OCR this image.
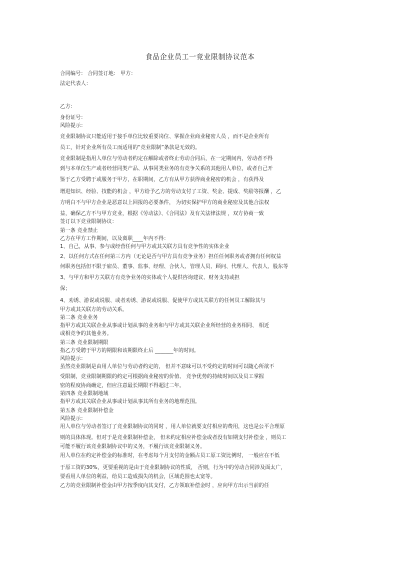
食品企业员工一竞业限制协议范本
合同编号： 合同签订地： 甲方：
法定代表人：
乙方：
身份证号：
风险提示：
竞业限制协议只能适用于接手单位比较重要岗位、掌握企业商业秘密人员 ，而不是企业所有
员工，针对企业所有员工而适用的“竞业限制”条款是无效的。
竞业限制是指用人单位与劳动者约定在解除或者终止劳动合同后，在一定期间内，劳动者不得
到与本单位生产或者经营同类产品、从事同类业务的有竞争关系的其他用人单位，或者自己开
鉴于乙方受聘于或服务于甲方，在职期间，乙方有从甲方获得商业秘密的机会 ，有获得及
增进知识、经验、技能的机会 ，甲方给予乙方的劳动支付了工资、奖金、提成、奖励等报酬 ，乙
方明白不与甲方企业是恶意以上回报的必要条件， 为切实保护甲方的商业秘密及其他合法权
益，确保乙方不与甲方竞业，根据《劳动法》、《合同法》及有关法律法规 ，双方协商一致
签订以下竞业限制协议：
第一条 竞业禁止
乙方在甲方工作期间，以及离职____年内不得：
1、自己，从事、参与或经营任何与甲方或其关联方具有竞争性的实体企业
2、以任何方式在任何第三方内（无论是否与甲方具有竞争业务）担任任何职务或者拥有任何权益
何职务包括但不限于雇员、董事、监事、经理、合伙人、管理人员、顾问、代理人、代表人、股东等
3、与甲方和甲方关联方有竞争业务的实体或个人提供咨询建议、财务支持或担
保；
4、劝诱、游说或说服、或者劝诱、游说或说服、促使甲方或其关联方的任何员工解除其与
甲方或其关联方的劳动关系。
第二条 竞业业务
指甲方或其关联企业从事或计划从事的业务和与甲方或其关联企业所经营的业务相同、 相近
或相竞争的其他业务。
第三条 竞业限制期限
指乙方受聘于甲方的期限和该期限终止后 _______年的时间。
风险提示：
虽然竞业限制是由用人单位与劳动者约定的， 但并不意味可以不受约定的时间可以随心所欲不
受限制，竞业限制期限的约定可根据商业秘密的价值、 竞争优势的持续时间以及员工掌握
密的程度协商确定，但应注意最长期限不得超过二年。
第四条 竞业限制地域
指甲方或其关联企业从事或计划从事其所有业务的地理范围。
第五条 竞业限制补偿金
风险提示：
用人单位与劳动者签订了竞业限制协议的同时 ，用人单位就要支付相应的费用，这也是公平合理原
则的具体体现。但对于是竞业限制补偿金， 但未约定相应补偿金或者没有如期支付补偿金 ，则员工
可能不履行该竞业限制协议中的义务，不履行该竞业限制义务。
用人单位在约定补偿金的标准时，在考虑每个月支付的金额占员工原工资比例时， 一般应在不低
于原工资的30%，更要重视的是由于竞业限制协议的性质， 否则，行为中的劳动合同涉及面太广，
要看用人单位的利益，给员工造成损失的机会，区域范围也太宽等。
乙方的竞业限制补偿金由甲方按季度向其支付，乙方领取补偿金时 ，应向甲方出示当前的任
